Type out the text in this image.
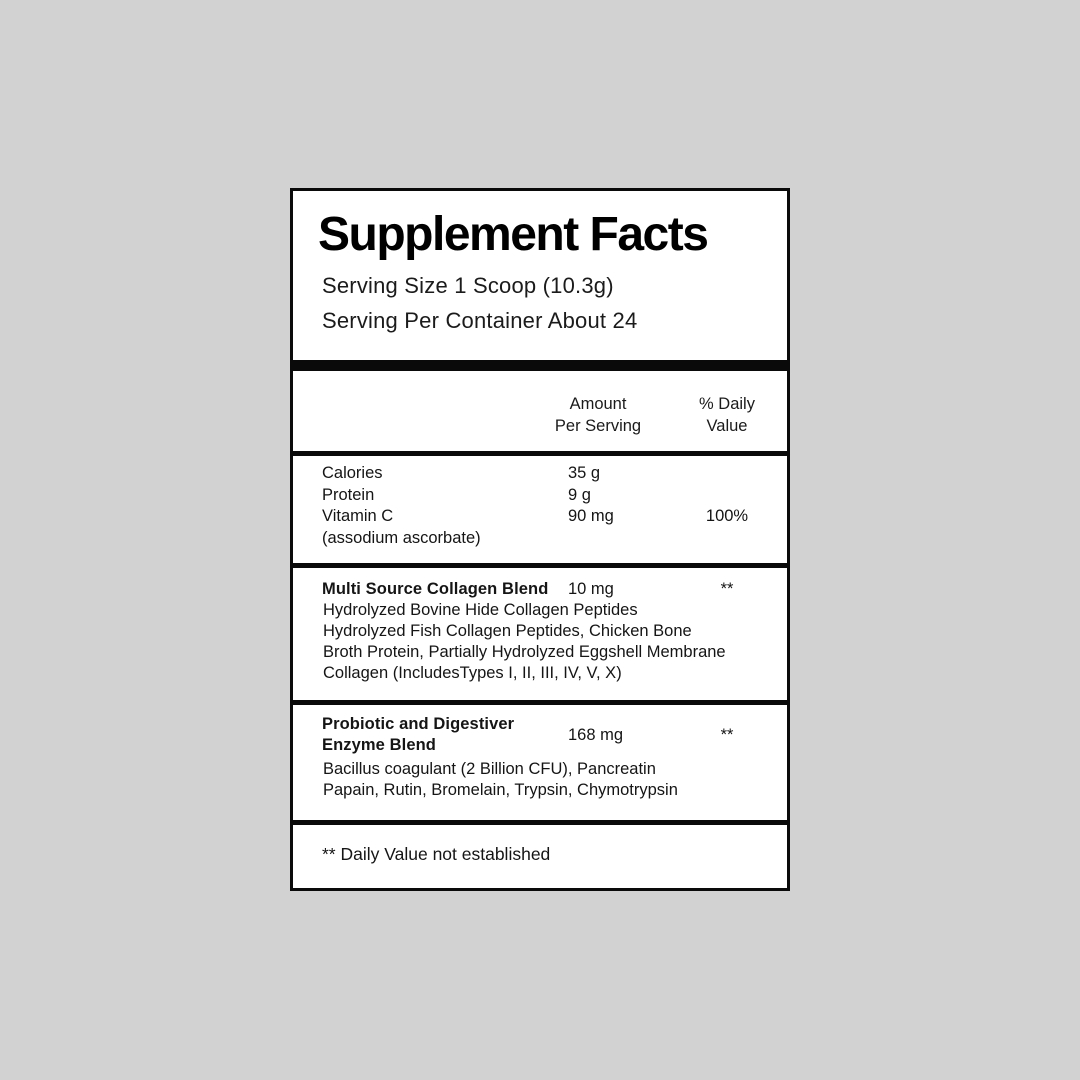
Supplement Facts
Serving Size 1 Scoop (10.3g)
Serving Per Container About 24
Amount
Per Serving
% Daily
Value
Calories	35 g
Protein	9 g
Vitamin C	90 mg	100%
(assodium ascorbate)
Multi Source Collagen Blend	10 mg	**
Hydrolyzed Bovine Hide Collagen Peptides
Hydrolyzed Fish Collagen Peptides, Chicken Bone
Broth Protein, Partially Hydrolyzed Eggshell Membrane
Collagen (IncludesTypes I, II, III, IV, V, X)
Probiotic and Digestiver
Enzyme Blend
168 mg	**
Bacillus coagulant (2 Billion CFU), Pancreatin
Papain, Rutin, Bromelain, Trypsin, Chymotrypsin
** Daily Value not established
